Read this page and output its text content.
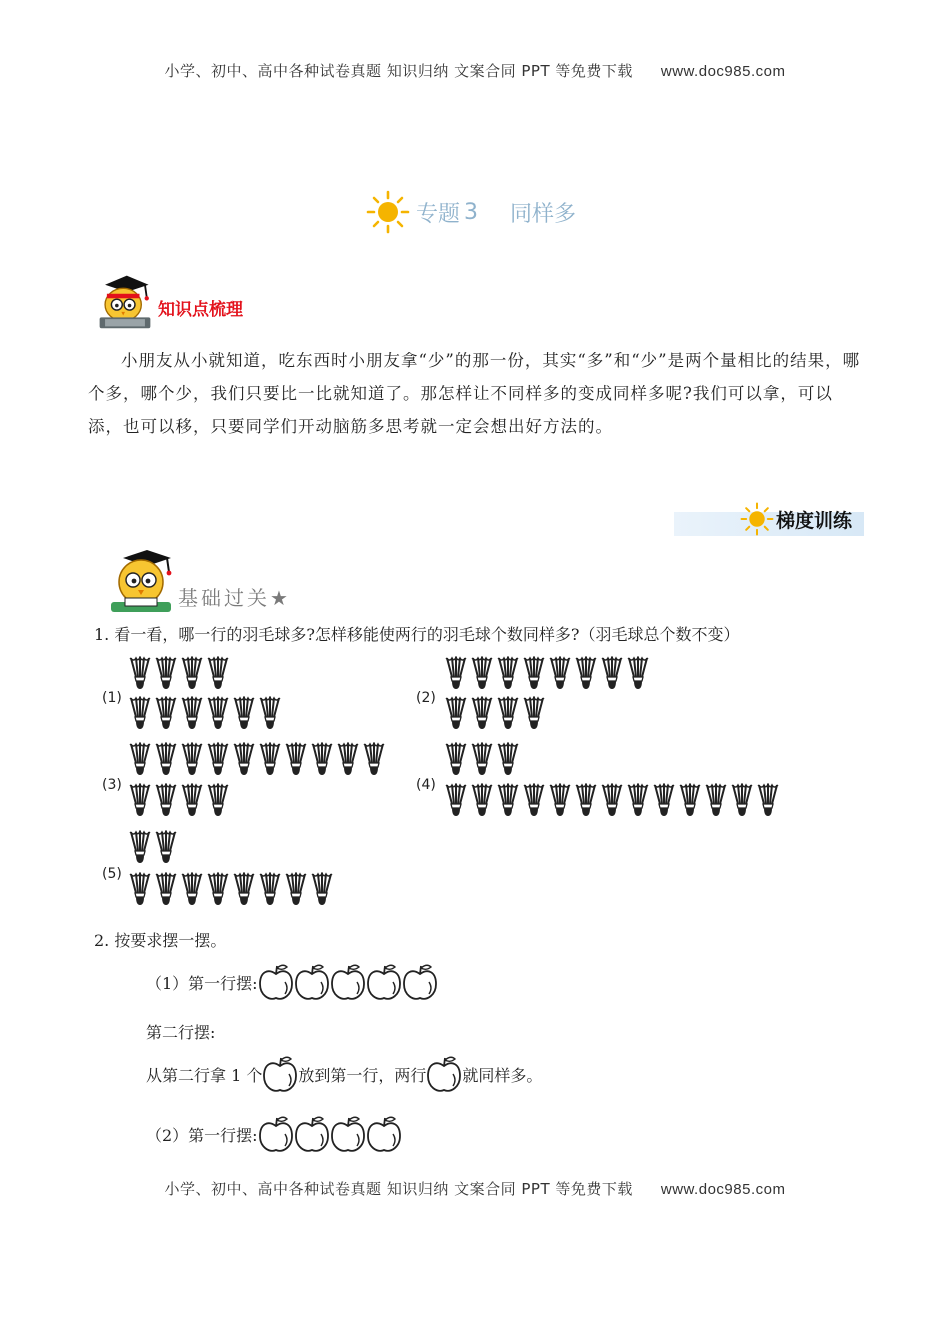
小学、初中、高中各种试卷真题 知识归纳 文案合同 PPT 等免费下载 www.doc985.com
专题 3 同样多
知识点梳理
小朋友从小就知道，吃东西时小朋友拿“少”的那一份，其实“多”和“少”是两个量相比的结果，哪个多，哪个少，我们只要比一比就知道了。那怎样让不同样多的变成同样多呢?我们可以拿，可以添，也可以移，只要同学们开动脑筋多思考就一定会想出好方法的。
梯度训练
基础过关★
1. 看一看，哪一行的羽毛球多?怎样移能使两行的羽毛球个数同样多?（羽毛球总个数不变）
(1)	(2)
(3)	(4)
(5)
2. 按要求摆一摆。
（1）第一行摆:
第二行摆:
从第二行拿 1 个 放到第一行，两行 就同样多。
（2）第一行摆:
小学、初中、高中各种试卷真题 知识归纳 文案合同 PPT 等免费下载 www.doc985.com
